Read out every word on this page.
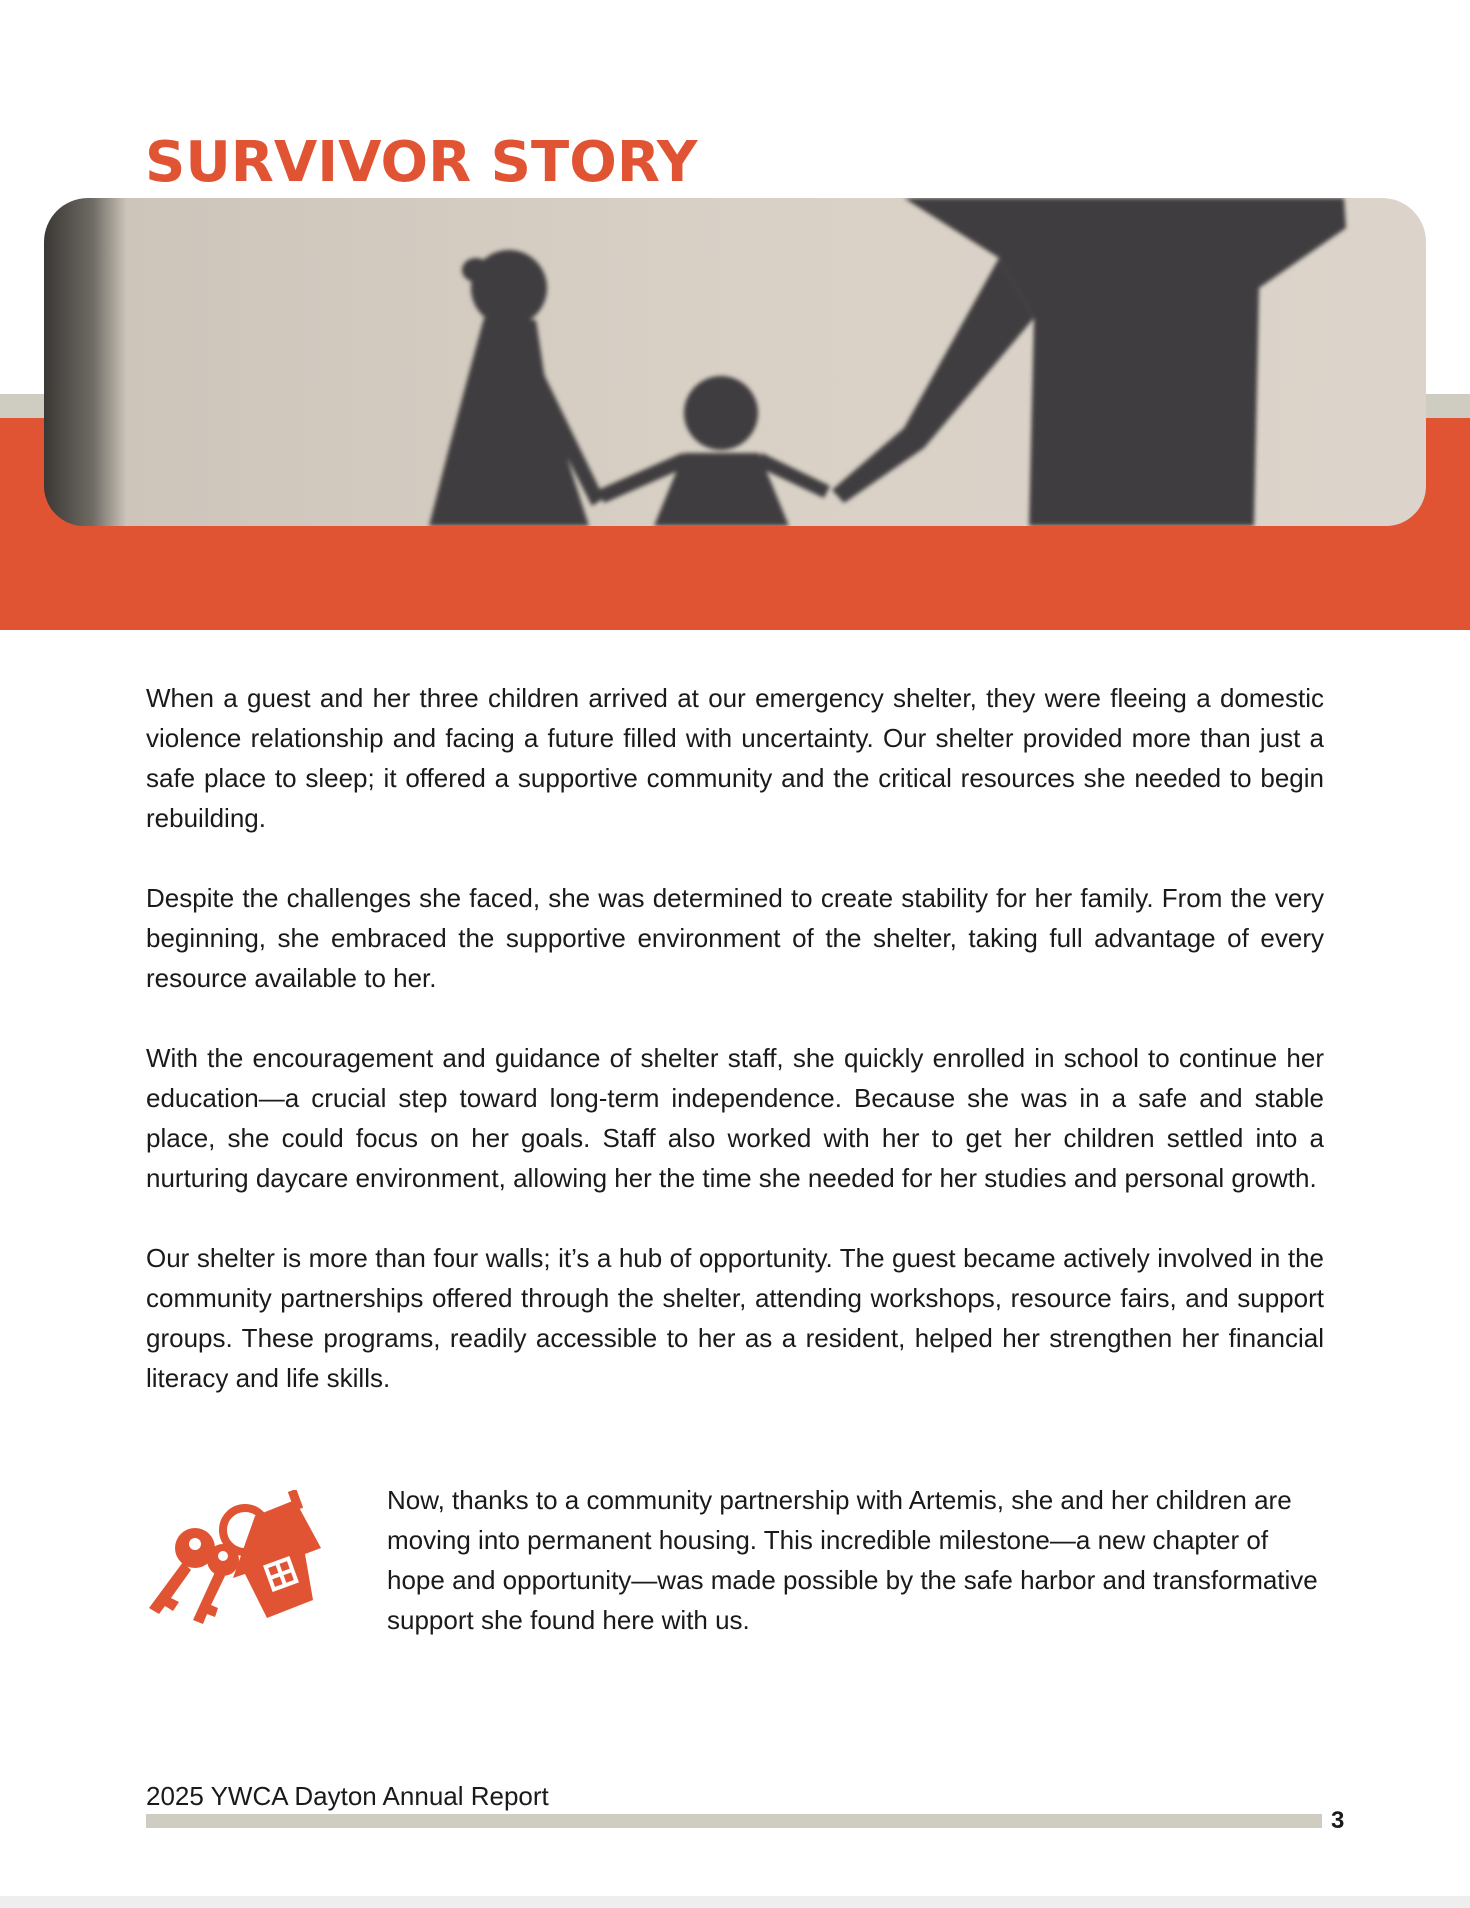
SURVIVOR STORY

When a guest and her three children arrived at our emergency shelter, they were fleeing a domestic violence relationship and facing a future filled with uncertainty. Our shelter provided more than just a safe place to sleep; it offered a supportive community and the critical resources she needed to begin rebuilding.

Despite the challenges she faced, she was determined to create stability for her family. From the very beginning, she embraced the supportive environment of the shelter, taking full advantage of every resource available to her.

With the encouragement and guidance of shelter staff, she quickly enrolled in school to continue her education—a crucial step toward long-term independence. Because she was in a safe and stable place, she could focus on her goals. Staff also worked with her to get her children settled into a nurturing daycare environment, allowing her the time she needed for her studies and personal growth.

Our shelter is more than four walls; it’s a hub of opportunity. The guest became actively involved in the community partnerships offered through the shelter, attending workshops, resource fairs, and support groups. These programs, readily accessible to her as a resident, helped her strengthen her financial literacy and life skills.

Now, thanks to a community partnership with Artemis, she and her children are moving into permanent housing. This incredible milestone—a new chapter of hope and opportunity—was made possible by the safe harbor and transformative support she found here with us.

2025 YWCA Dayton Annual Report
3
